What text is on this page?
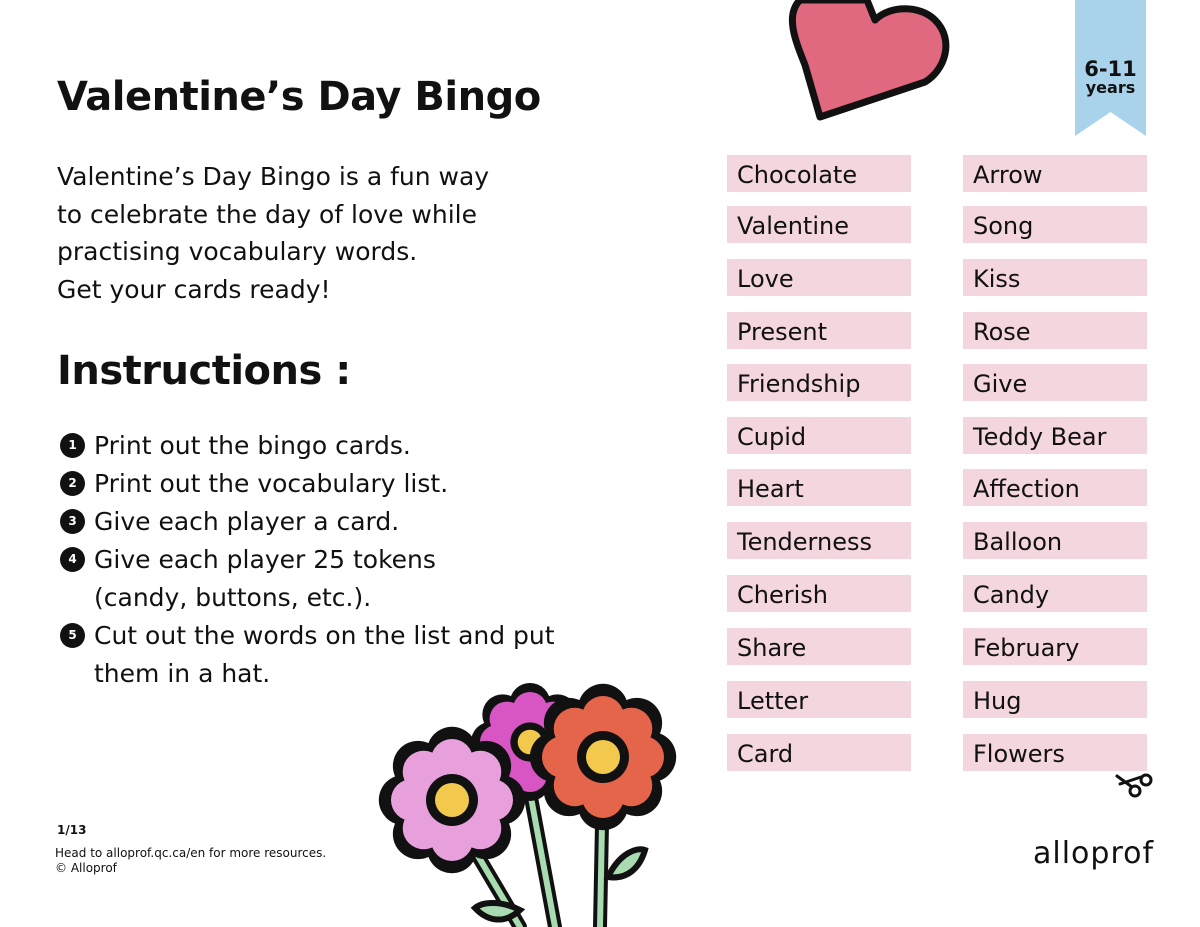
6-11
years
Valentine’s Day Bingo
Valentine’s Day Bingo is a fun way
to celebrate the day of love while
practising vocabulary words.
Get your cards ready!
Instructions :
1 Print out the bingo cards.
2 Print out the vocabulary list.
3 Give each player a card.
4 Give each player 25 tokens
(candy, buttons, etc.).
5 Cut out the words on the list and put
them in a hat.
Chocolate
Valentine
Love
Present
Friendship
Cupid
Heart
Tenderness
Cherish
Share
Letter
Card
Arrow
Song
Kiss
Rose
Give
Teddy Bear
Affection
Balloon
Candy
February
Hug
Flowers
1/13
Head to alloprof.qc.ca/en for more resources.
© Alloprof	alloprof
